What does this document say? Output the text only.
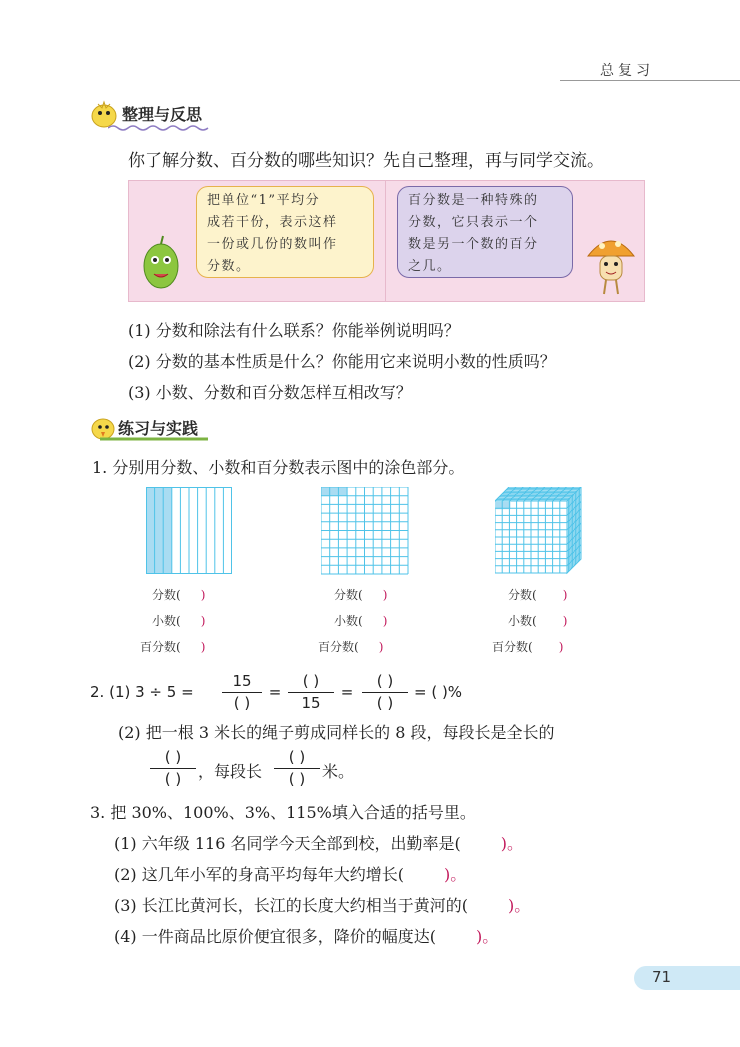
总复习
整理与反思
你了解分数、百分数的哪些知识？先自己整理，再与同学交流。
把单位“1”平均分
成若干份，表示这样
一份或几份的数叫作
分数。
百分数是一种特殊的
分数，它只表示一个
数是另一个数的百分
之几。
(1) 分数和除法有什么联系？你能举例说明吗？
(2) 分数的基本性质是什么？你能用它来说明小数的性质吗？
(3) 小数、分数和百分数怎样互相改写？
练习与实践
1. 分别用分数、小数和百分数表示图中的涂色部分。
分数( )
小数( )
百分数( )
分数( )
小数( )
百分数( )
分数( )
小数( )
百分数( )
2. (1) 3 ÷ 5 =
15
( )
=
( )
15
=
( )
( )
= ( )%
(2) 把一根 3 米长的绳子剪成同样长的 8 段，每段长是全长的
( )
( )	，每段长
( )
( )	米。
3. 把 30%、100%、3%、115%填入合适的括号里。
(1) 六年级 116 名同学今天全部到校，出勤率是(	)。
(2) 这几年小军的身高平均每年大约增长(	)。
(3) 长江比黄河长，长江的长度大约相当于黄河的(	)。
(4) 一件商品比原价便宜很多，降价的幅度达(	)。
71
